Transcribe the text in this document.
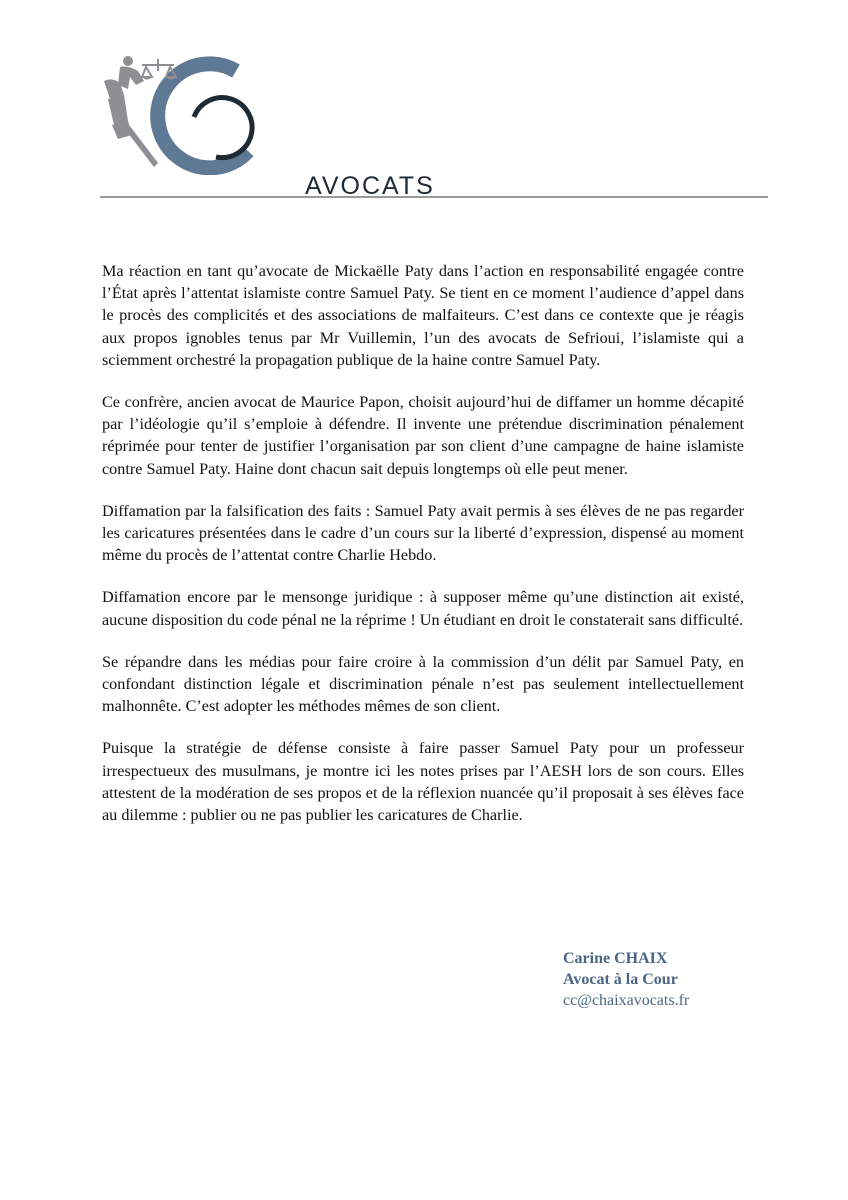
AVOCATS

Ma réaction en tant qu’avocate de Mickaëlle Paty dans l’action en responsabilité engagée contre l’État après l’attentat islamiste contre Samuel Paty. Se tient en ce moment l’audience d’appel dans le procès des complicités et des associations de malfaiteurs. C’est dans ce contexte que je réagis aux propos ignobles tenus par Mr Vuillemin, l’un des avocats de Sefrioui, l’islamiste qui a sciemment orchestré la propagation publique de la haine contre Samuel Paty.

Ce confrère, ancien avocat de Maurice Papon, choisit aujourd’hui de diffamer un homme décapité par l’idéologie qu’il s’emploie à défendre. Il invente une prétendue discrimination pénalement réprimée pour tenter de justifier l’organisation par son client d’une campagne de haine islamiste contre Samuel Paty. Haine dont chacun sait depuis longtemps où elle peut mener.

Diffamation par la falsification des faits : Samuel Paty avait permis à ses élèves de ne pas regarder les caricatures présentées dans le cadre d’un cours sur la liberté d’expression, dispensé au moment même du procès de l’attentat contre Charlie Hebdo.

Diffamation encore par le mensonge juridique : à supposer même qu’une distinction ait existé, aucune disposition du code pénal ne la réprime ! Un étudiant en droit le constaterait sans difficulté.

Se répandre dans les médias pour faire croire à la commission d’un délit par Samuel Paty, en confondant distinction légale et discrimination pénale n’est pas seulement intellectuellement malhonnête. C’est adopter les méthodes mêmes de son client.

Puisque la stratégie de défense consiste à faire passer Samuel Paty pour un professeur irrespectueux des musulmans, je montre ici les notes prises par l’AESH lors de son cours. Elles attestent de la modération de ses propos et de la réflexion nuancée qu’il proposait à ses élèves face au dilemme : publier ou ne pas publier les caricatures de Charlie.

Carine CHAIX
Avocat à la Cour
cc@chaixavocats.fr
